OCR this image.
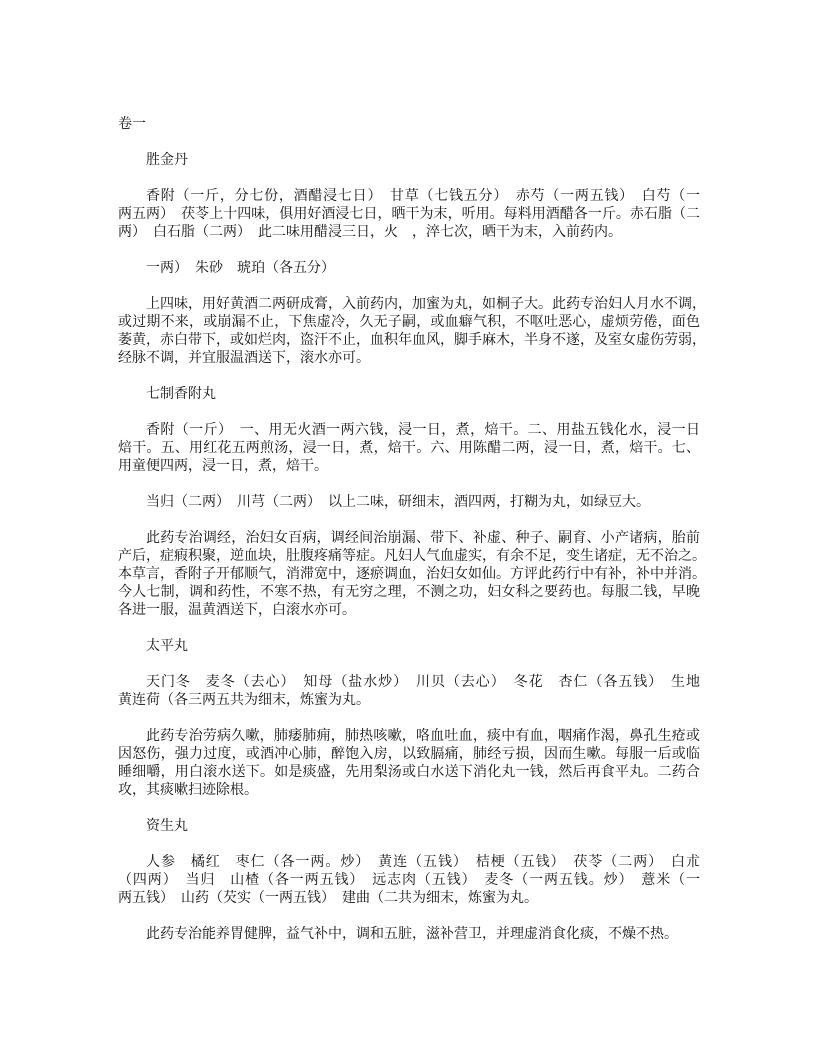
卷一
胜金丹
香附（一斤，分七份，酒醋浸七日）　甘草（七钱五分）　赤芍（一两五钱）　白芍（一
两五两）　茯苓上十四味，俱用好酒浸七日，晒干为末，听用。每料用酒醋各一斤。赤石脂（二
两）　白石脂（二两）　此二味用醋浸三日，火　，淬七次，晒干为末，入前药内。
一两）　朱砂　琥珀（各五分）
上四味，用好黄酒二两研成膏，入前药内，加蜜为丸，如桐子大。此药专治妇人月水不调，
或过期不来，或崩漏不止，下焦虚冷，久无子嗣，或血癖气积，不呕吐恶心，虚烦劳倦，面色
萎黄，赤白带下，或如烂肉，盗汗不止，血积年血风，脚手麻木，半身不遂，及室女虚伤劳弱，
经脉不调，并宜服温酒送下，滚水亦可。
七制香附丸
香附（一斤）　一、用无火酒一两六钱，浸一日，煮，焙干。二、用盐五钱化水，浸一日
焙干。五、用红花五两煎汤，浸一日，煮，焙干。六、用陈醋二两，浸一日，煮，焙干。七、
用童便四两，浸一日，煮，焙干。
当归（二两）　川芎（二两）　以上二味，研细末，酒四两，打糊为丸，如绿豆大。
此药专治调经，治妇女百病，调经间治崩漏、带下、补虚、种子、嗣育、小产诸病，胎前
产后，症瘕积聚，逆血块，肚腹疼痛等症。凡妇人气血虚实，有余不足，变生诸症，无不治之。
本草言，香附子开郁顺气，消滞宽中，逐瘀调血，治妇女如仙。方评此药行中有补，补中并消。
今人七制，调和药性，不寒不热，有无穷之理，不测之功，妇女科之要药也。每服二钱，早晚
各进一服，温黄酒送下，白滚水亦可。
太平丸
天门冬　麦冬（去心）　知母（盐水炒）　川贝（去心）　冬花　杏仁（各五钱）　生地
黄连荷（各三两五共为细末，炼蜜为丸。
此药专治劳病久嗽，肺痿肺痈，肺热咳嗽，咯血吐血，痰中有血，咽痛作渴，鼻孔生疮或
因怒伤，强力过度，或酒冲心肺，醉饱入房，以致膈痛，肺经亏损，因而生嗽。每服一后或临
睡细嚼，用白滚水送下。如是痰盛，先用梨汤或白水送下消化丸一钱，然后再食平丸。二药合
攻，其痰嗽扫迹除根。
资生丸
人参　橘红　枣仁（各一两。炒）　黄连（五钱）　桔梗（五钱）　茯苓（二两）　白朮
（四两）　当归　山楂（各一两五钱）　远志肉（五钱）　麦冬（一两五钱。炒）　薏米（一
两五钱）　山药（芡实（一两五钱）　建曲（二共为细末，炼蜜为丸。
此药专治能养胃健脾，益气补中，调和五脏，滋补营卫，并理虚消食化痰，不燥不热。
